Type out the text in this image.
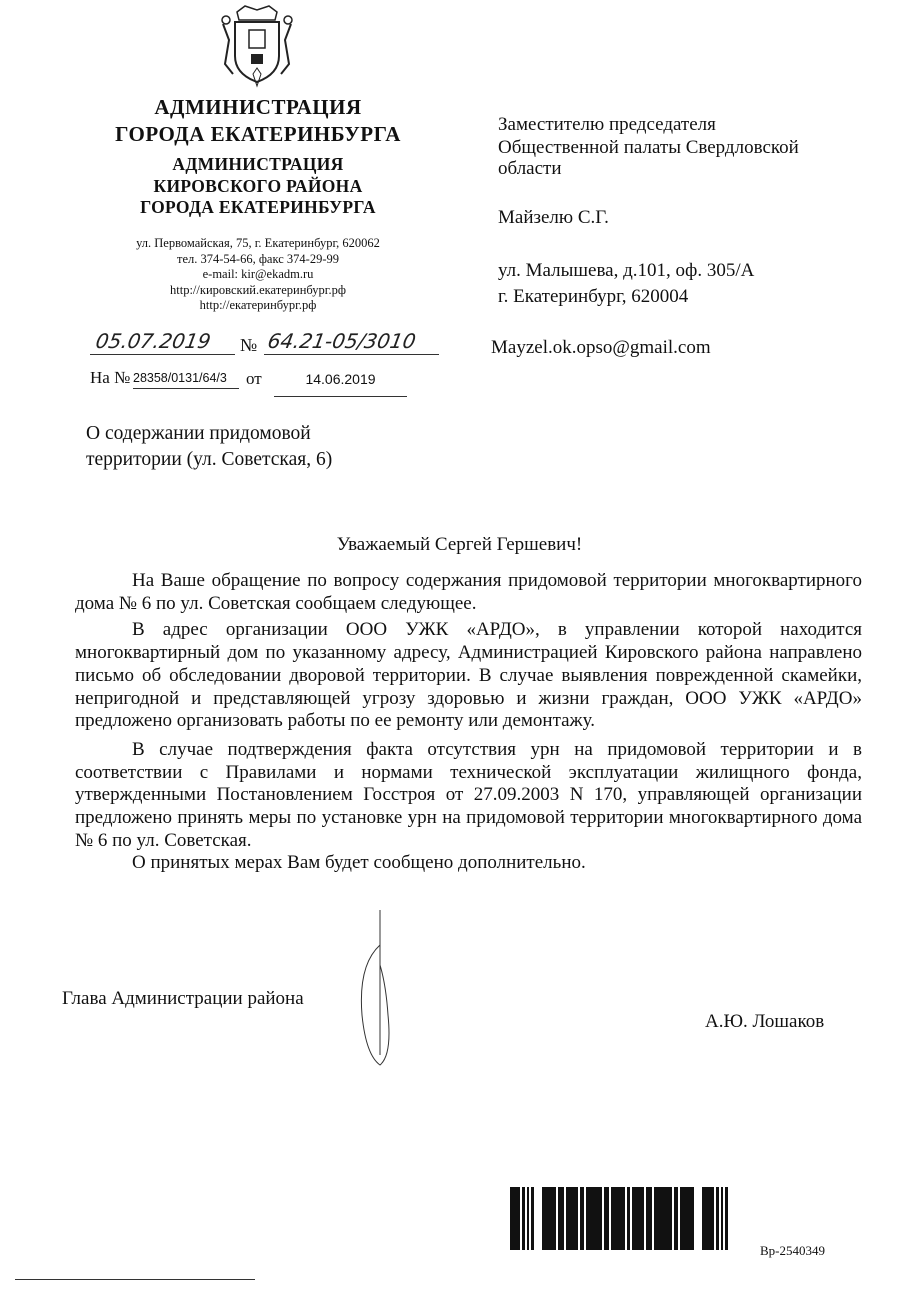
АДМИНИСТРАЦИЯ
ГОРОДА ЕКАТЕРИНБУРГА
АДМИНИСТРАЦИЯ
КИРОВСКОГО РАЙОНА
ГОРОДА ЕКАТЕРИНБУРГА
ул. Первомайская, 75, г. Екатеринбург, 620062
тел. 374-54-66, факс 374-29-99
e-mail: kir@ekadm.ru
http://кировский.екатеринбург.рф
http://екатеринбург.рф
05.07.2019 № 64.21-05/3010
На № 28358/0131/64/3	от	14.06.2019
Заместителю председателя
Общественной палаты Свердловской
области
Майзелю С.Г.
ул. Малышева, д.101, оф. 305/А
г. Екатеринбург, 620004
Mayzel.ok.opso@gmail.com
О содержании придомовой
территории (ул. Советская, 6)
Уважаемый Сергей Гершевич!

На Ваше обращение по вопросу содержания придомовой территории многоквартирного дома № 6 по ул. Советская сообщаем следующее.

В адрес организации ООО УЖК «АРДО», в управлении которой находится многоквартирный дом по указанному адресу, Администрацией Кировского района направлено письмо об обследовании дворовой территории. В случае выявления поврежденной скамейки, непригодной и представляющей угрозу здоровью и жизни граждан, ООО УЖК «АРДО» предложено организовать работы по ее ремонту или демонтажу.

В случае подтверждения факта отсутствия урн на придомовой территории и в соответствии с Правилами и нормами технической эксплуатации жилищного фонда, утвержденными Постановлением Госстроя от 27.09.2003 N 170, управляющей организации предложено принять меры по установке урн на придомовой территории многоквартирного дома № 6 по ул. Советская.

О принятых мерах Вам будет сообщено дополнительно.

Глава Администрации района
А.Ю. Лошаков
Вр-2540349
